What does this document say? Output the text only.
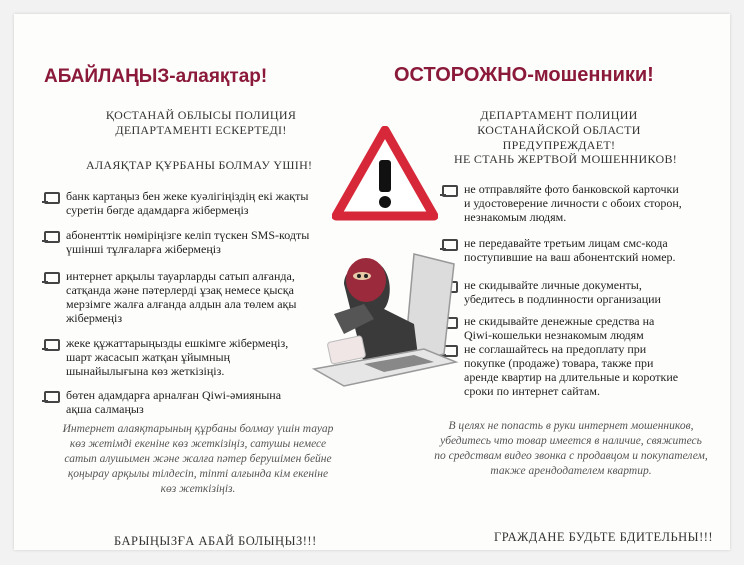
АБАЙЛАҢЫЗ-алаяқтар!	ОСТОРОЖНО-мошенники!
ҚОСТАНАЙ ОБЛЫСЫ ПОЛИЦИЯ
ДЕПАРТАМЕНТІ ЕСКЕРТЕДІ!
ДЕПАРТАМЕНТ ПОЛИЦИИ
КОСТАНАЙСКОЙ ОБЛАСТИ ПРЕДУПРЕЖДАЕТ!
АЛАЯҚТАР ҚҰРБАНЫ БОЛМАУ ҮШІН!	НЕ СТАНЬ ЖЕРТВОЙ МОШЕННИКОВ!
банк картаңыз бен жеке куәлігіңіздің екі жақты
суретін бөгде адамдарға жібермеңіз
абоненттік нөміріңізге келіп түскен SMS-кодты
үшінші тұлғаларға жібермеңіз
интернет арқылы тауарларды сатып алғанда,
сатқанда және пәтерлерді ұзақ немесе қысқа
мерзімге жалға алғанда алдын ала төлем ақы
жібермеңіз
жеке құжаттарыңызды ешкімге жібермеңіз,
шарт жасасып жатқан ұйымның
шынайылығына көз жеткізіңіз.
бөтен адамдарға арналған Qiwi-әмиянына
ақша салмаңыз
не отправляйте фото банковской карточки
и удостоверение личности с обоих сторон,
незнакомым людям.
не передавайте третьим лицам смс-кода
поступившие на ваш абонентский номер.
не скидывайте личные документы,
убедитесь в подлинности организации
не скидывайте денежные средства на
Qiwi-кошельки незнакомым людям
не соглашайтесь на предоплату при
покупке (продаже) товара, также при
аренде квартир на длительные и короткие
сроки по интернет сайтам.
Интернет алаяқтарының құрбаны болмау үшін тауар
көз жетімді екеніне көз жеткізіңіз, сатушы немесе
сатып алушымен және жалға пәтер берушімен бейне
қоңырау арқылы тілдесіп, тіпті алғында кім екеніне
көз жеткізіңіз.
В целях не попасть в руки интернет мошенников,
убедитесь что товар имеется в наличие, свяжитесь
по средствам видео звонка с продавцом и покупателем,
также арендодателем квартир.
БАРЫҢЫЗҒА АБАЙ БОЛЫҢЫЗ!!!	ГРАЖДАНЕ БУДЬТЕ БДИТЕЛЬНЫ!!!
